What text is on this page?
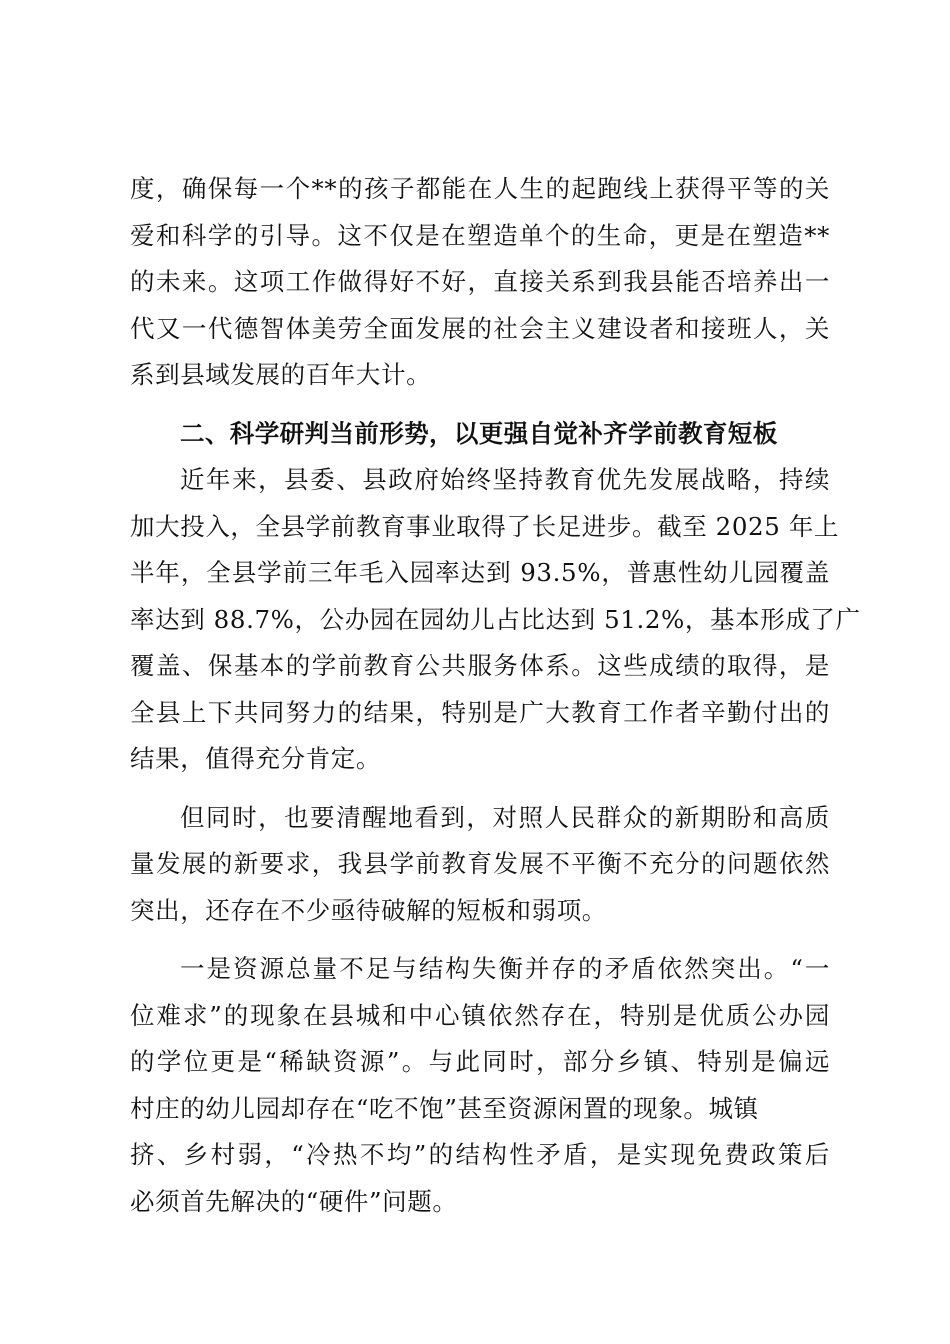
度，确保每一个**的孩子都能在人生的起跑线上获得平等的关
爱和科学的引导。这不仅是在塑造单个的生命，更是在塑造**
的未来。这项工作做得好不好，直接关系到我县能否培养出一
代又一代德智体美劳全面发展的社会主义建设者和接班人，关
系到县域发展的百年大计。

二、科学研判当前形势，以更强自觉补齐学前教育短板

近年来，县委、县政府始终坚持教育优先发展战略，持续
加大投入，全县学前教育事业取得了长足进步。截至 2025 年上
半年，全县学前三年毛入园率达到 93.5%，普惠性幼儿园覆盖
率达到 88.7%，公办园在园幼儿占比达到 51.2%，基本形成了广
覆盖、保基本的学前教育公共服务体系。这些成绩的取得，是
全县上下共同努力的结果，特别是广大教育工作者辛勤付出的
结果，值得充分肯定。

但同时，也要清醒地看到，对照人民群众的新期盼和高质
量发展的新要求，我县学前教育发展不平衡不充分的问题依然
突出，还存在不少亟待破解的短板和弱项。

一是资源总量不足与结构失衡并存的矛盾依然突出。“一
位难求”的现象在县城和中心镇依然存在，特别是优质公办园
的学位更是“稀缺资源”。与此同时，部分乡镇、特别是偏远
村庄的幼儿园却存在“吃不饱”甚至资源闲置的现象。城镇
挤、乡村弱，“冷热不均”的结构性矛盾，是实现免费政策后
必须首先解决的“硬件”问题。
